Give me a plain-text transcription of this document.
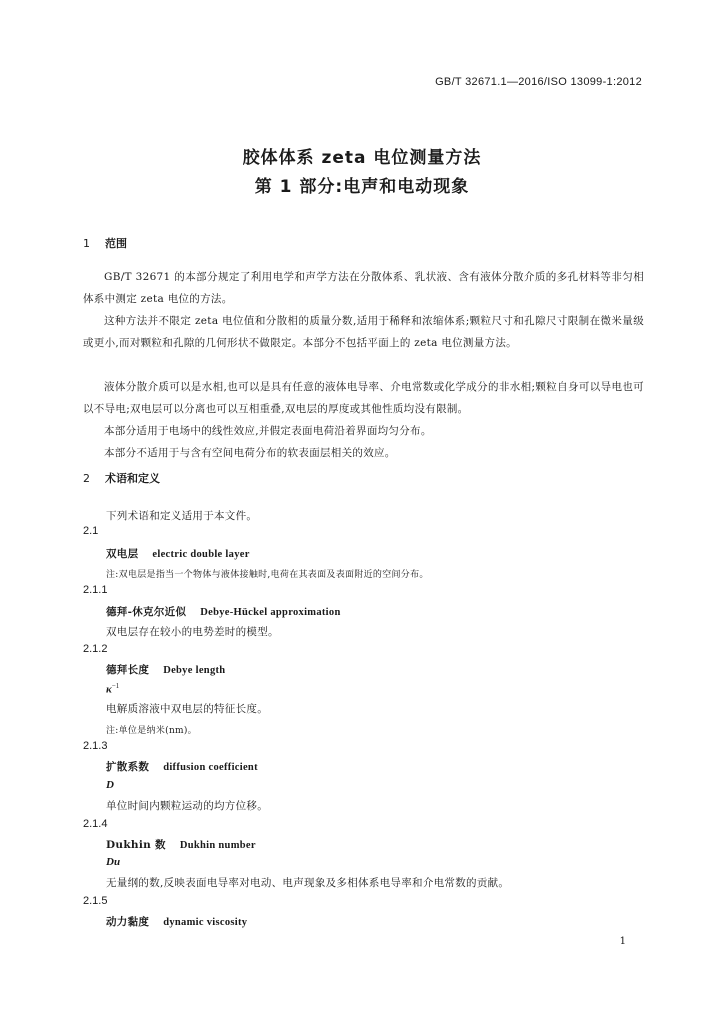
GB/T 32671.1—2016/ISO 13099-1:2012
胶体体系 zeta 电位测量方法
第 1 部分:电声和电动现象
1 范围
GB/T 32671 的本部分规定了利用电学和声学方法在分散体系、乳状液、含有液体分散介质的多孔材料等非匀相体系中测定 zeta 电位的方法。
这种方法并不限定 zeta 电位值和分散相的质量分数,适用于稀释和浓缩体系;颗粒尺寸和孔隙尺寸限制在微米量级或更小,而对颗粒和孔隙的几何形状不做限定。本部分不包括平面上的 zeta 电位测量方法。
液体分散介质可以是水相,也可以是具有任意的液体电导率、介电常数或化学成分的非水相;颗粒自身可以导电也可以不导电;双电层可以分离也可以互相重叠,双电层的厚度或其他性质均没有限制。
本部分适用于电场中的线性效应,并假定表面电荷沿着界面均匀分布。
本部分不适用于与含有空间电荷分布的软表面层相关的效应。
2 术语和定义
下列术语和定义适用于本文件。
2.1
双电层 electric double layer
注:双电层是指当一个物体与液体接触时,电荷在其表面及表面附近的空间分布。
2.1.1
德拜-休克尔近似 Debye-Hückel approximation
双电层存在较小的电势差时的模型。
2.1.2
德拜长度 Debye length
$\kappa^{-1}$
电解质溶液中双电层的特征长度。
注:单位是纳米(nm)。
2.1.3
扩散系数 diffusion coefficient
D
单位时间内颗粒运动的均方位移。
2.1.4
Dukhin 数 Dukhin number
Du
无量纲的数,反映表面电导率对电动、电声现象及多相体系电导率和介电常数的贡献。
2.1.5
动力黏度 dynamic viscosity
1
